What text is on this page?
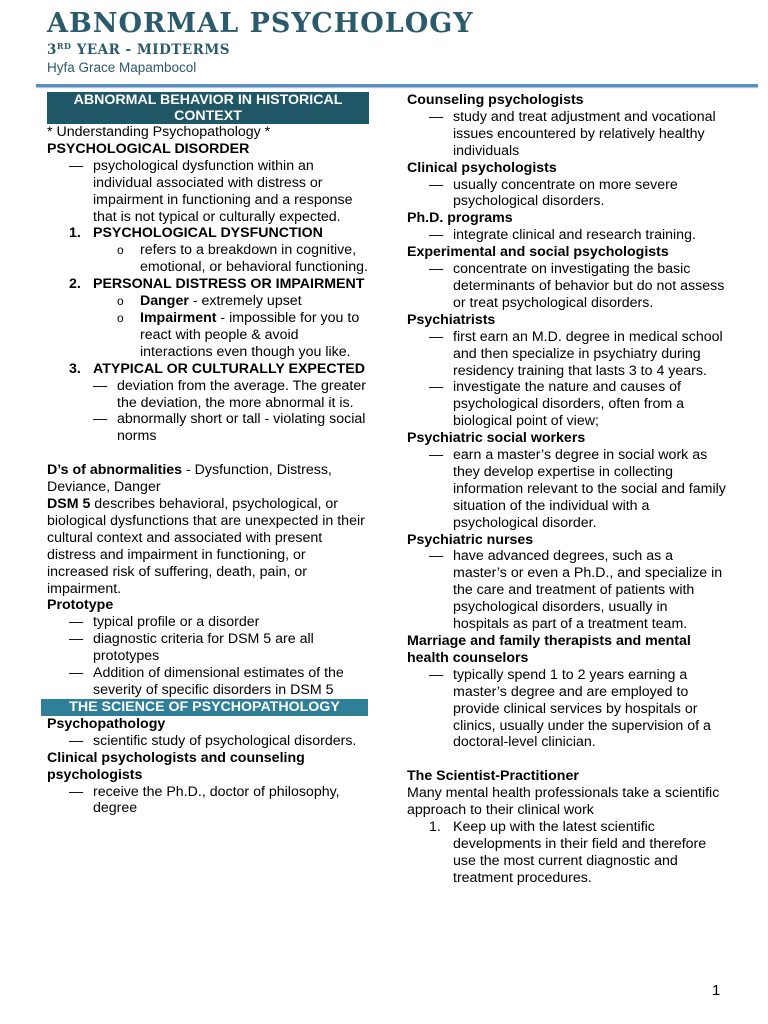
ABNORMAL PSYCHOLOGY
3RD YEAR - MIDTERMS
Hyfa Grace Mapambocol
ABNORMAL BEHAVIOR IN HISTORICAL CONTEXT
* Understanding Psychopathology *
PSYCHOLOGICAL DISORDER
— psychological dysfunction within an individual associated with distress or impairment in functioning and a response that is not typical or culturally expected.
1. PSYCHOLOGICAL DYSFUNCTION
o	refers to a breakdown in cognitive, emotional, or behavioral functioning.
2. PERSONAL DISTRESS OR IMPAIRMENT
o	Danger - extremely upset
o	Impairment - impossible for you to react with people & avoid interactions even though you like.
3. ATYPICAL OR CULTURALLY EXPECTED
— deviation from the average. The greater the deviation, the more abnormal it is.
— abnormally short or tall - violating social norms
D’s of abnormalities - Dysfunction, Distress, Deviance, Danger
DSM 5 describes behavioral, psychological, or biological dysfunctions that are unexpected in their cultural context and associated with present distress and impairment in functioning, or increased risk of suffering, death, pain, or impairment.
Prototype
— typical profile or a disorder
— diagnostic criteria for DSM 5 are all prototypes
— Addition of dimensional estimates of the severity of specific disorders in DSM 5
THE SCIENCE OF PSYCHOPATHOLOGY
Psychopathology
— scientific study of psychological disorders.
Clinical psychologists and counseling psychologists
— receive the Ph.D., doctor of philosophy, degree
Counseling psychologists
— study and treat adjustment and vocational issues encountered by relatively healthy individuals
Clinical psychologists
— usually concentrate on more severe psychological disorders.
Ph.D. programs
— integrate clinical and research training.
Experimental and social psychologists
— concentrate on investigating the basic determinants of behavior but do not assess or treat psychological disorders.
Psychiatrists
— first earn an M.D. degree in medical school and then specialize in psychiatry during residency training that lasts 3 to 4 years.
— investigate the nature and causes of psychological disorders, often from a biological point of view;
Psychiatric social workers
— earn a master’s degree in social work as they develop expertise in collecting information relevant to the social and family situation of the individual with a psychological disorder.
Psychiatric nurses
— have advanced degrees, such as a master’s or even a Ph.D., and specialize in the care and treatment of patients with psychological disorders, usually in hospitals as part of a treatment team.
Marriage and family therapists and mental health counselors
— typically spend 1 to 2 years earning a master’s degree and are employed to provide clinical services by hospitals or clinics, usually under the supervision of a doctoral-level clinician.
The Scientist-Practitioner
Many mental health professionals take a scientific approach to their clinical work
1. Keep up with the latest scientific developments in their field and therefore use the most current diagnostic and treatment procedures.
1
